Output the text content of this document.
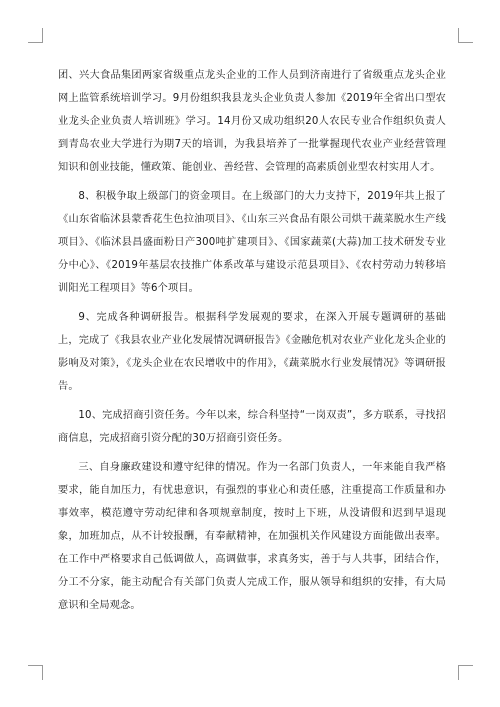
团、兴大食品集团两家省级重点龙头企业的工作人员到济南进行了省级重点龙头企业网上监管系统培训学习。9月份组织我县龙头企业负责人参加《2019年全省出口型农业龙头企业负责人培训班》学习。14月份又成功组织20人农民专业合作组织负责人到青岛农业大学进行为期7天的培训，为我县培养了一批掌握现代农业产业经营管理知识和创业技能，懂政策、能创业、善经营、会管理的高素质创业型农村实用人才。

8、积极争取上级部门的资金项目。在上级部门的大力支持下，2019年共上报了《山东省临沭县蒙香花生色拉油项目》、《山东三兴食品有限公司烘干蔬菜脱水生产线项目》、《临沭县昌盛面粉日产300吨扩建项目》、《国家蔬菜(大蒜)加工技术研发专业分中心》、《2019年基层农技推广体系改革与建设示范县项目》、《农村劳动力转移培训阳光工程项目》等6个项目。

9、完成各种调研报告。根据科学发展观的要求，在深入开展专题调研的基础上，完成了《我县农业产业化发展情况调研报告》《金融危机对农业产业化龙头企业的影响及对策》，《龙头企业在农民增收中的作用》，《蔬菜脱水行业发展情况》等调研报告。

10、完成招商引资任务。今年以来，综合科坚持“一岗双责”，多方联系，寻找招商信息，完成招商引资分配的30万招商引资任务。

三、自身廉政建设和遵守纪律的情况。作为一名部门负责人，一年来能自我严格要求，能自加压力，有忧患意识，有强烈的事业心和责任感，注重提高工作质量和办事效率，模范遵守劳动纪律和各项规章制度，按时上下班，从没请假和迟到早退现象，加班加点，从不计较报酬，有奉献精神，在加强机关作风建设方面能做出表率。在工作中严格要求自己低调做人，高调做事，求真务实，善于与人共事，团结合作，分工不分家，能主动配合有关部门负责人完成工作，服从领导和组织的安排，有大局意识和全局观念。
